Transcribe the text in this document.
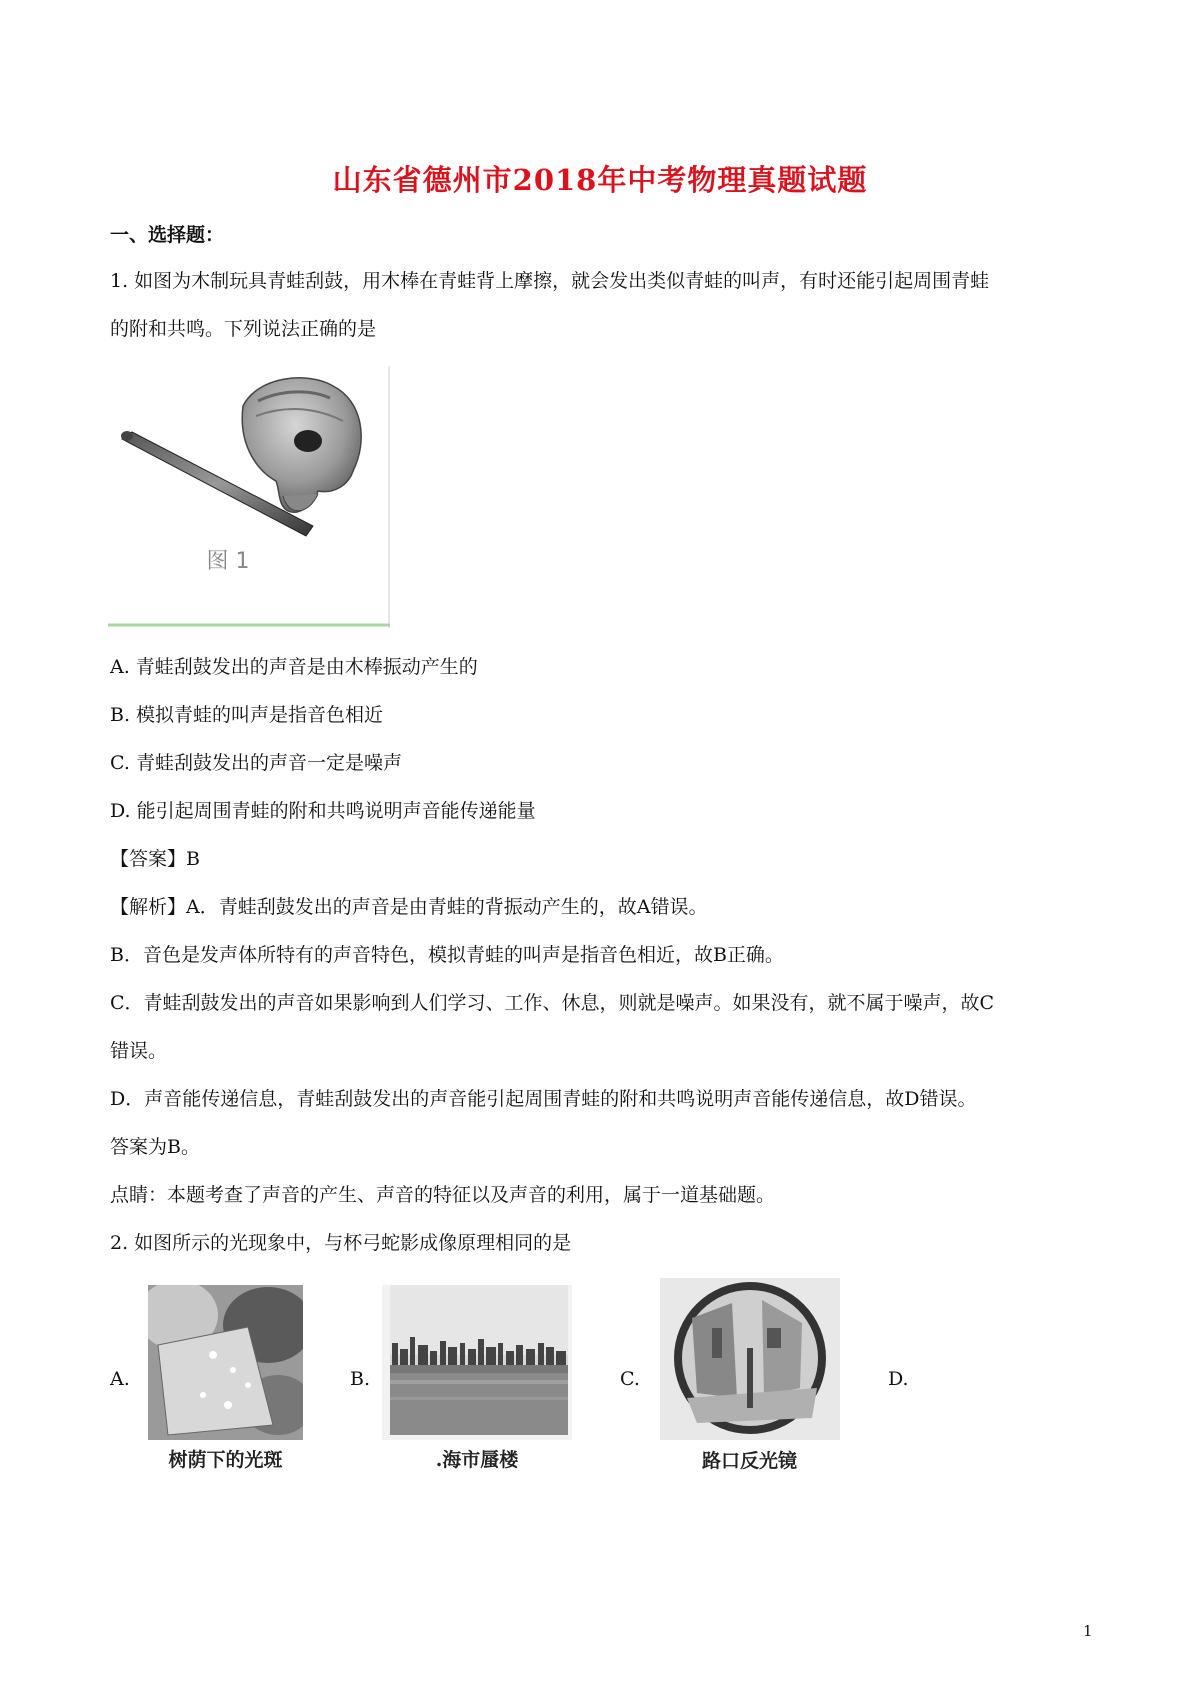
山东省德州市2018年中考物理真题试题
一、选择题：
1. 如图为木制玩具青蛙刮鼓，用木棒在青蛙背上摩擦，就会发出类似青蛙的叫声，有时还能引起周围青蛙
的附和共鸣。下列说法正确的是
图 1
A. 青蛙刮鼓发出的声音是由木棒振动产生的
B. 模拟青蛙的叫声是指音色相近
C. 青蛙刮鼓发出的声音一定是噪声
D. 能引起周围青蛙的附和共鸣说明声音能传递能量
【答案】B
【解析】A．青蛙刮鼓发出的声音是由青蛙的背振动产生的，故A错误。
B．音色是发声体所特有的声音特色，模拟青蛙的叫声是指音色相近，故B正确。
C．青蛙刮鼓发出的声音如果影响到人们学习、工作、休息，则就是噪声。如果没有，就不属于噪声，故C
错误。
D．声音能传递信息，青蛙刮鼓发出的声音能引起周围青蛙的附和共鸣说明声音能传递信息，故D错误。
答案为B。
点睛：本题考查了声音的产生、声音的特征以及声音的利用，属于一道基础题。
2. 如图所示的光现象中，与杯弓蛇影成像原理相同的是
A.
树荫下的光斑
B.
.海市蜃楼
C.
路口反光镜
D.
1
